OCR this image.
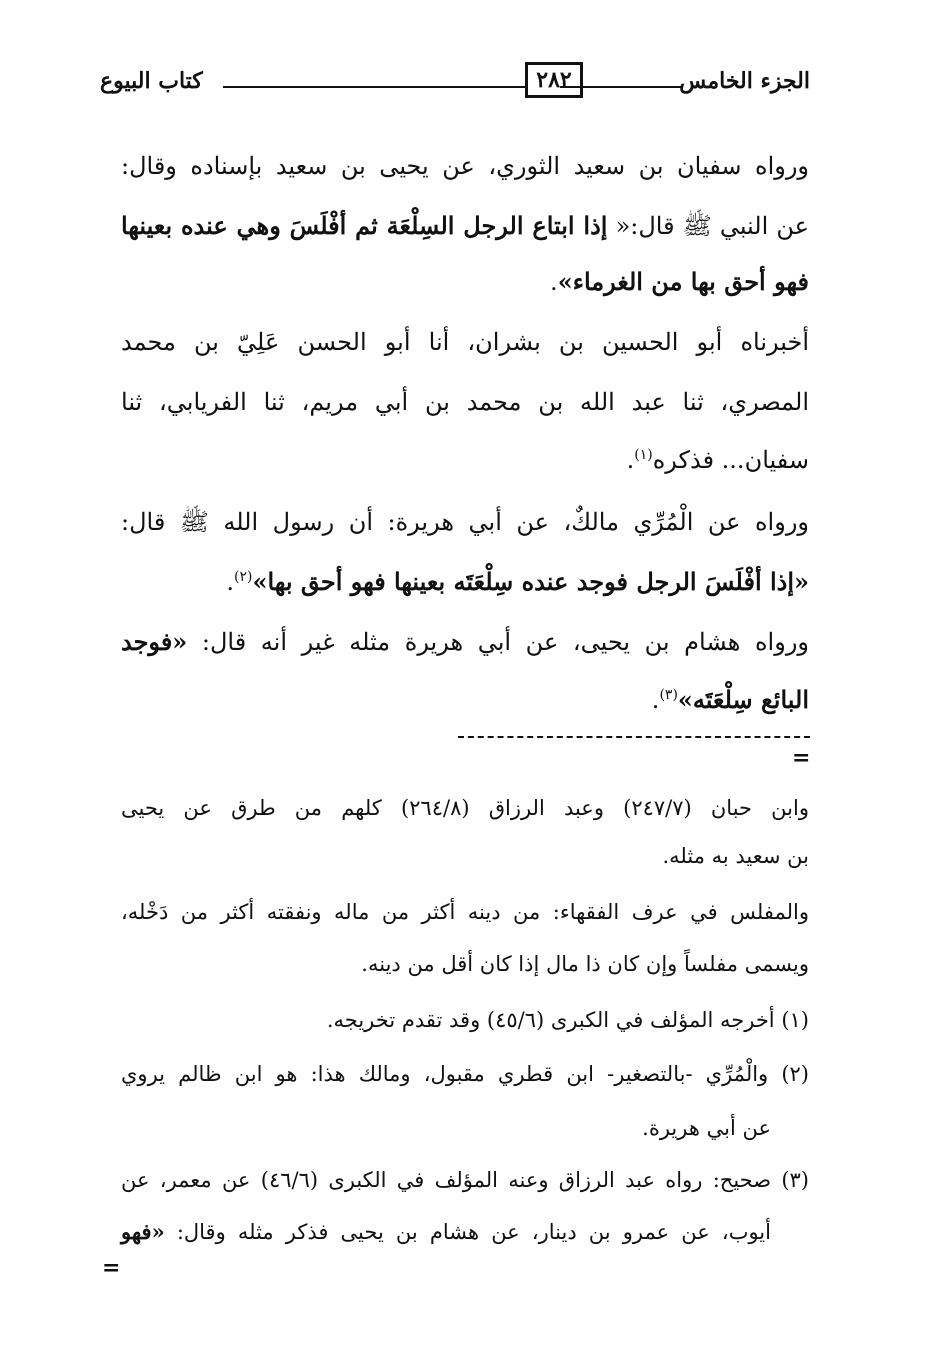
الجزء الخامس
٢٨٢
كتاب البيوع
ورواه سفيان بن سعيد الثوري، عن يحيى بن سعيد بإسناده وقال:
عن النبي ﷺ قال:« إذا ابتاع الرجل السِلْعَة ثم أفْلَسَ وهي عنده بعينها
فهو أحق بها من الغرماء».
أخبرناه أبو الحسين بن بشران، أنا أبو الحسن عَلِيّ بن محمد
المصري، ثنا عبد الله بن محمد بن أبي مريم، ثنا الفريابي، ثنا
سفيان... فذكره$^{(١)}$.
ورواه عن الْمُرِّي مالكٌ، عن أبي هريرة: أن رسول الله ﷺ قال:
«إذا أفْلَسَ الرجل فوجد عنده سِلْعَتَه بعينها فهو أحق بها»$^{(٢)}$.
ورواه هشام بن يحيى، عن أبي هريرة مثله غير أنه قال: «فوجد
البائع سِلْعَتَه»$^{(٣)}$.
=
وابن حبان (٢٤٧/٧) وعبد الرزاق (٢٦٤/٨) كلهم من طرق عن يحيى
بن سعيد به مثله.
والمفلس في عرف الفقهاء: من دينه أكثر من ماله ونفقته أكثر من دَخْله،
ويسمى مفلساً وإن كان ذا مال إذا كان أقل من دينه.
(١) أخرجه المؤلف في الكبرى (٤٥/٦) وقد تقدم تخريجه.
(٢) والْمُرِّي -بالتصغير- ابن قطري مقبول، ومالك هذا: هو ابن ظالم يروي
عن أبي هريرة.
(٣) صحيح: رواه عبد الرزاق وعنه المؤلف في الكبرى (٤٦/٦) عن معمر، عن
أيوب، عن عمرو بن دينار، عن هشام بن يحيى فذكر مثله وقال: «فهو
=
